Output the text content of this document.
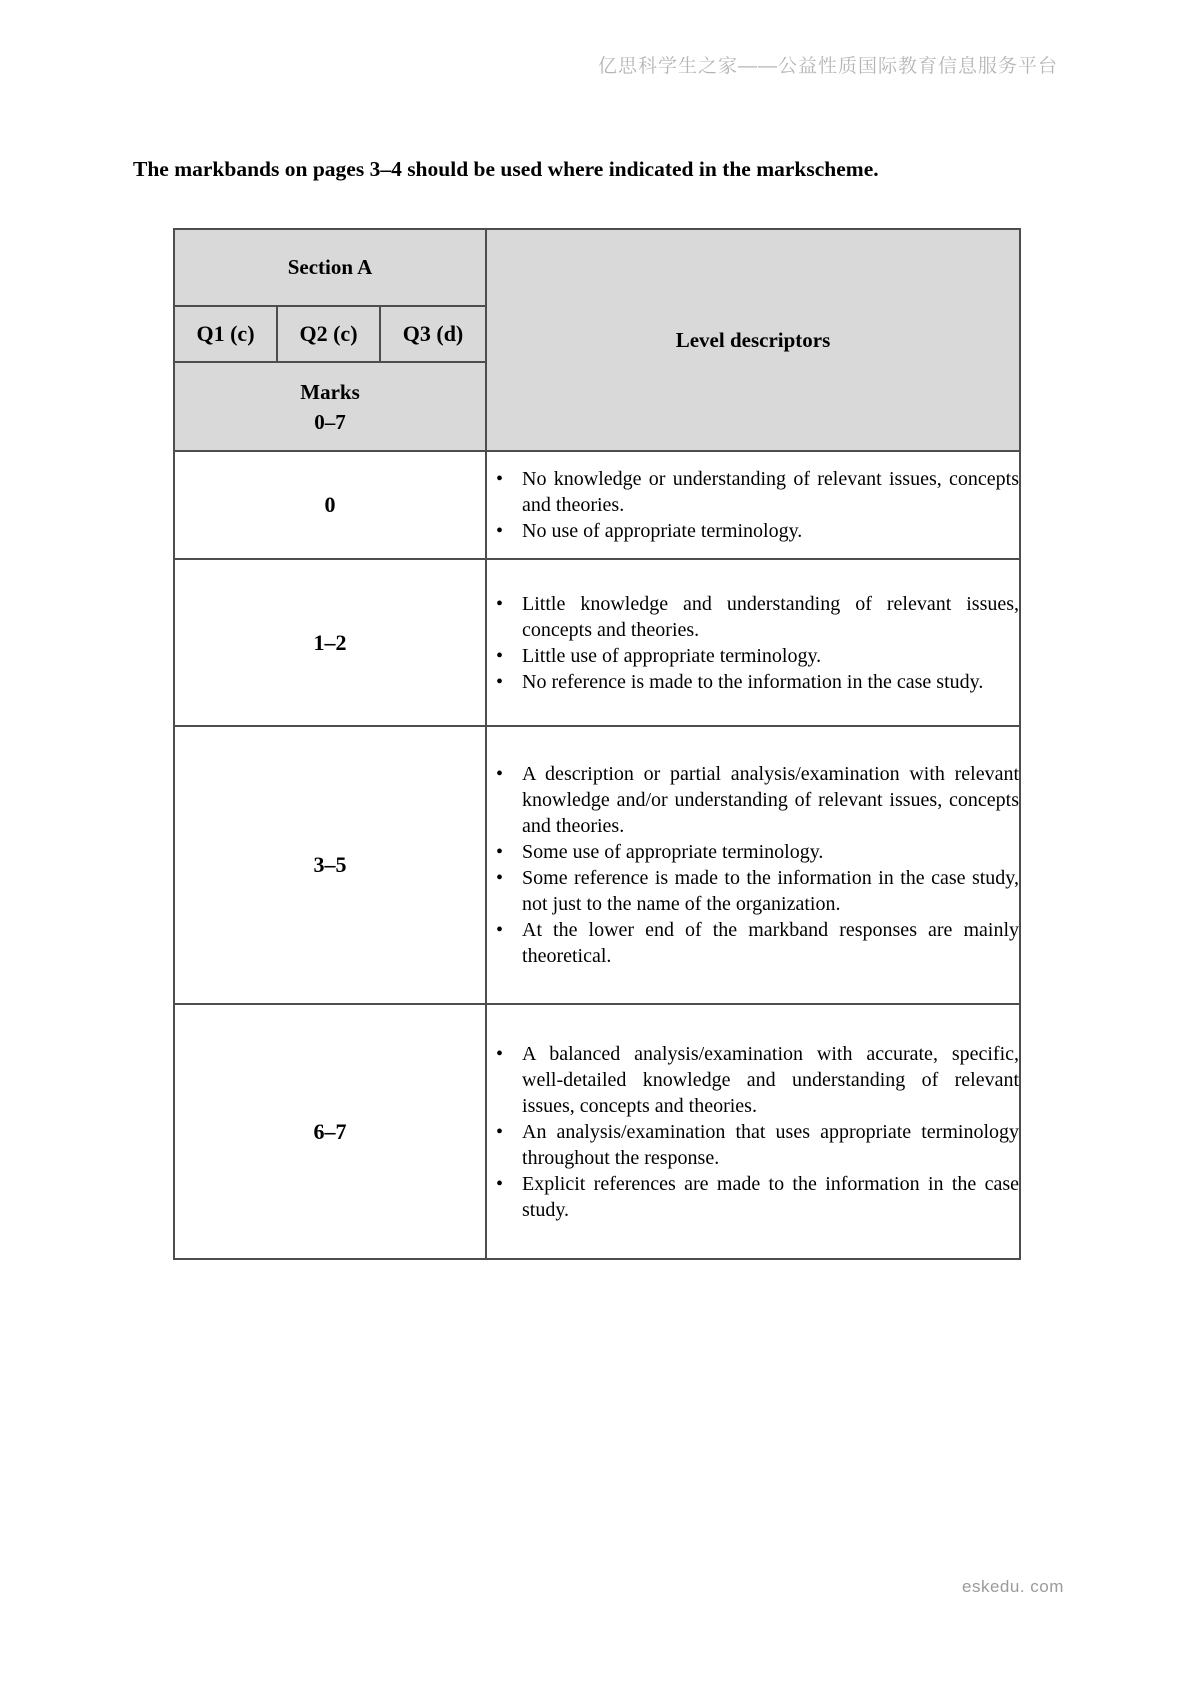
亿思科学生之家——公益性质国际教育信息服务平台
The markbands on pages 3–4 should be used where indicated in the markscheme.
Section A			Level descriptors
Q1 (c)	Q2 (c)	Q3 (d)	

Marks
0–7			

0			• No knowledge or understanding of relevant issues, concepts and theories.
• No use of appropriate terminology.

1–2			• Little knowledge and understanding of relevant issues, concepts and theories.
• Little use of appropriate terminology.
• No reference is made to the information in the case study.

3–5			• A description or partial analysis/examination with relevant knowledge and/or understanding of relevant issues, concepts and theories.
• Some use of appropriate terminology.
• Some reference is made to the information in the case study, not just to the name of the organization.
• At the lower end of the markband responses are mainly theoretical.

6–7			• A balanced analysis/examination with accurate, specific, well-detailed knowledge and understanding of relevant issues, concepts and theories.
• An analysis/examination that uses appropriate terminology throughout the response.
• Explicit references are made to the information in the case study.
eskedu. com
